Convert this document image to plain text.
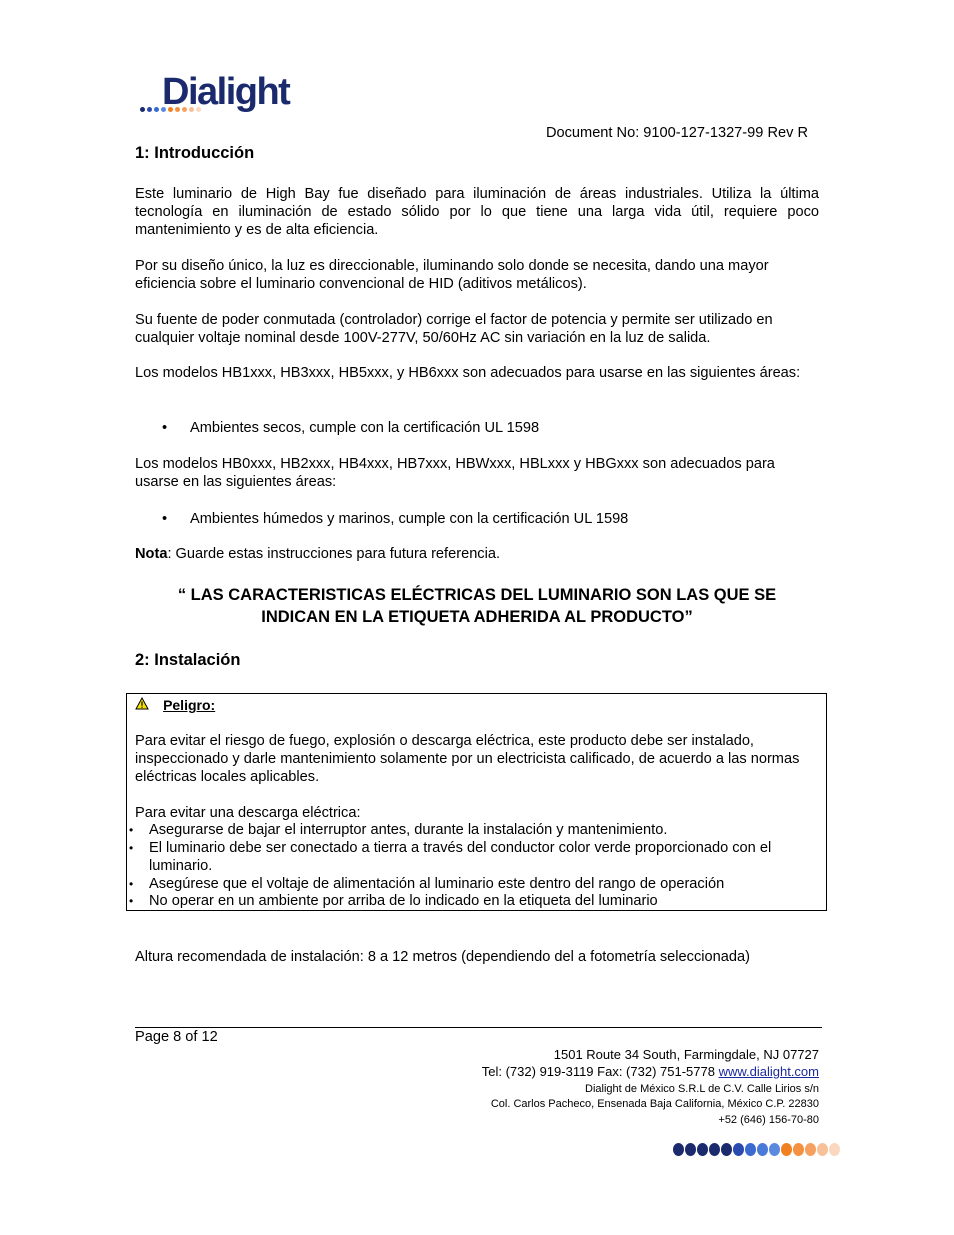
Dialight
Document No: 9100-127-1327-99 Rev R
1: Introducción
Este luminario de High Bay fue diseñado para iluminación de áreas industriales. Utiliza la última tecnología en iluminación de estado sólido por lo que tiene una larga vida útil, requiere poco mantenimiento y es de alta eficiencia.
Por su diseño único, la luz es direccionable, iluminando solo donde se necesita, dando una mayor eficiencia sobre el luminario convencional de HID (aditivos metálicos).
Su fuente de poder conmutada (controlador) corrige el factor de potencia y permite ser utilizado en cualquier voltaje nominal desde 100V-277V, 50/60Hz AC sin variación en la luz de salida.
Los modelos HB1xxx, HB3xxx, HB5xxx, y HB6xxx son adecuados para usarse en las siguientes áreas:
• Ambientes secos, cumple con la certificación UL 1598
Los modelos HB0xxx, HB2xxx, HB4xxx, HB7xxx, HBWxxx, HBLxxx y HBGxxx son adecuados para usarse en las siguientes áreas:
• Ambientes húmedos y marinos, cumple con la certificación UL 1598
Nota: Guarde estas instrucciones para futura referencia.
“ LAS CARACTERISTICAS ELÉCTRICAS DEL LUMINARIO SON LAS QUE SE
INDICAN EN LA ETIQUETA ADHERIDA AL PRODUCTO”
2: Instalación
Peligro:
Para evitar el riesgo de fuego, explosión o descarga eléctrica, este producto debe ser instalado, inspeccionado y darle mantenimiento solamente por un electricista calificado, de acuerdo a las normas eléctricas locales aplicables.
Para evitar una descarga eléctrica:
• Asegurarse de bajar el interruptor antes, durante la instalación y mantenimiento.
• El luminario debe ser conectado a tierra a través del conductor color verde proporcionado con el luminario.
• Asegúrese que el voltaje de alimentación al luminario este dentro del rango de operación
• No operar en un ambiente por arriba de lo indicado en la etiqueta del luminario
Altura recomendada de instalación: 8 a 12 metros (dependiendo del a fotometría seleccionada)
Page 8 of 12
1501 Route 34 South, Farmingdale, NJ 07727
Tel: (732) 919-3119 Fax: (732) 751-5778 www.dialight.com
Dialight de México S.R.L de C.V. Calle Lirios s/n
Col. Carlos Pacheco, Ensenada Baja California, México C.P. 22830
+52 (646) 156-70-80
